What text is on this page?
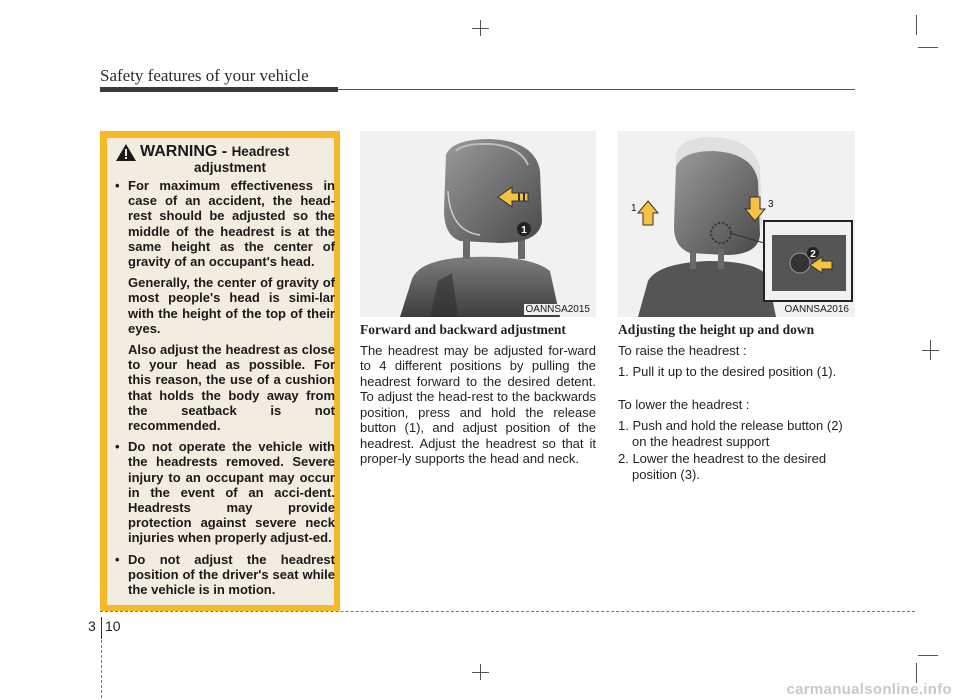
Safety features of your vehicle
WARNING - Headrest
adjustment
• For maximum effectiveness in case of an accident, the head-rest should be adjusted so the middle of the headrest is at the same height as the center of gravity of an occupant's head.

Generally, the center of gravity of most people's head is simi-lar with the height of the top of their eyes.

Also adjust the headrest as close to your head as possible. For this reason, the use of a cushion that holds the body away from the seatback is not recommended.

• Do not operate the vehicle with the headrests removed. Severe injury to an occupant may occur in the event of an acci-dent. Headrests may provide protection against severe neck injuries when properly adjust-ed.

• Do not adjust the headrest position of the driver's seat while the vehicle is in motion.

1
OANNSA2015
2
1	3
OANNSA2016
Forward and backward adjustment

The headrest may be adjusted for-ward to 4 different positions by pulling the headrest forward to the desired detent. To adjust the head-rest to the backwards position, press and hold the release button (1), and adjust position of the headrest. Adjust the headrest so that it proper-ly supports the head and neck.

Adjusting the height up and down
To raise the headrest :
1. Pull it up to the desired position (1).
To lower the headrest :
1. Push and hold the release button (2) on the headrest support
2. Lower the headrest to the desired position (3).
3 10
carmanualsonline.info
